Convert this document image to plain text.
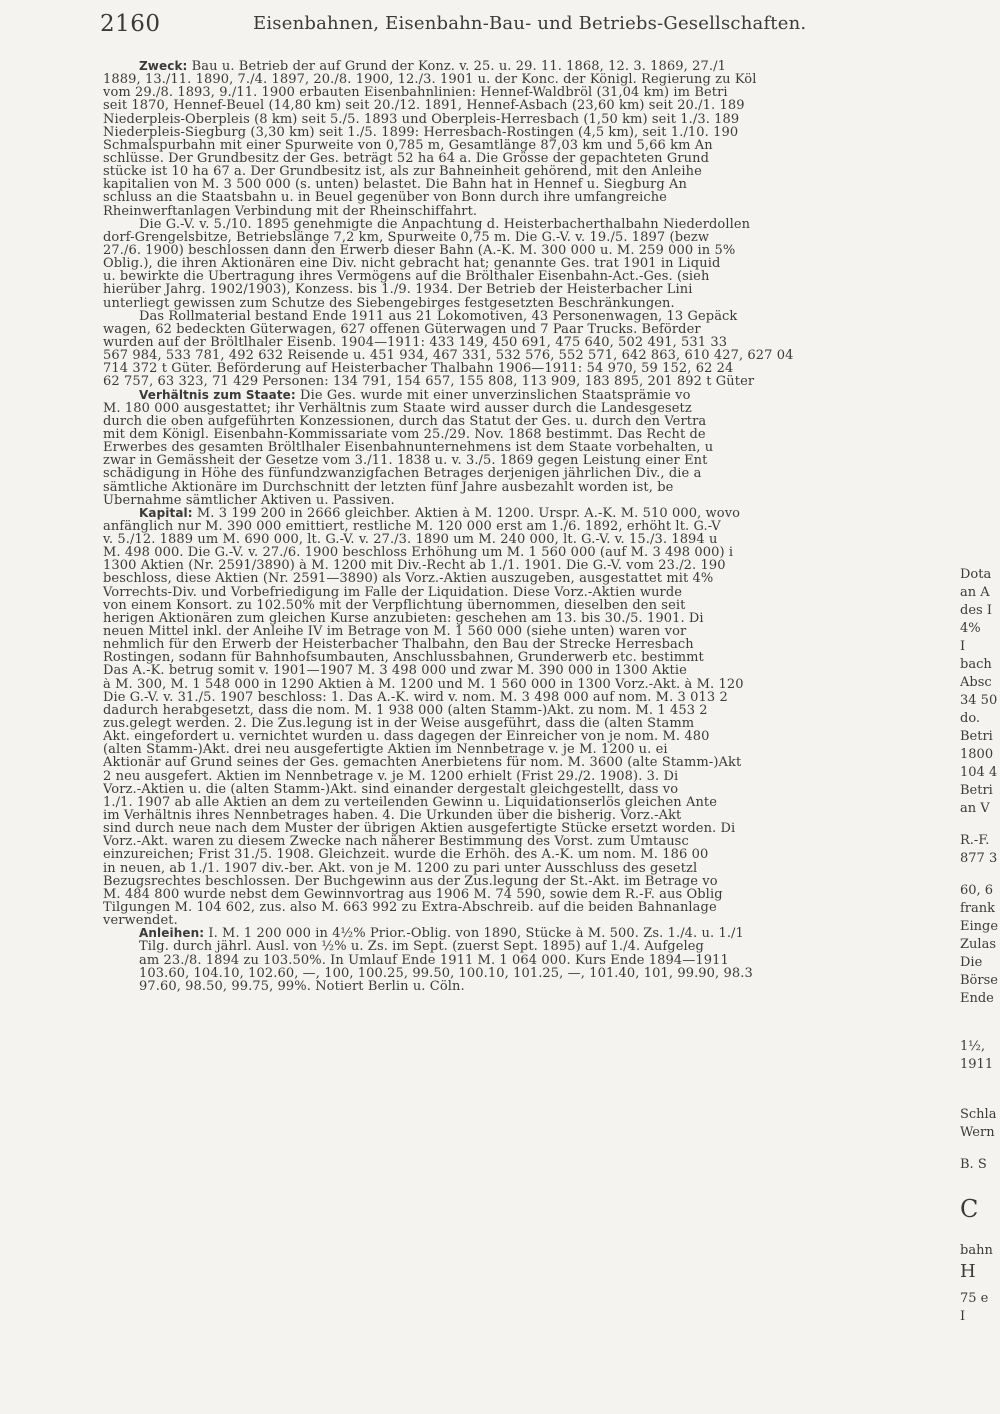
2160	Eisenbahnen, Eisenbahn-Bau- und Betriebs-Gesellschaften.
Zweck: Bau u. Betrieb der auf Grund der Konz. v. 25. u. 29. 11. 1868, 12. 3. 1869, 27./1
1889, 13./11. 1890, 7./4. 1897, 20./8. 1900, 12./3. 1901 u. der Konc. der Königl. Regierung zu Köl
vom 29./8. 1893, 9./11. 1900 erbauten Eisenbahnlinien: Hennef-Waldbröl (31,04 km) im Betri
seit 1870, Hennef-Beuel (14,80 km) seit 20./12. 1891, Hennef-Asbach (23,60 km) seit 20./1. 189
Niederpleis-Oberpleis (8 km) seit 5./5. 1893 und Oberpleis-Herresbach (1,50 km) seit 1./3. 189
Niederpleis-Siegburg (3,30 km) seit 1./5. 1899: Herresbach-Rostingen (4,5 km), seit 1./10. 190
Schmalspurbahn mit einer Spurweite von 0,785 m, Gesamtlänge 87,03 km und 5,66 km An
schlüsse. Der Grundbesitz der Ges. beträgt 52 ha 64 a. Die Grösse der gepachteten Grund
stücke ist 10 ha 67 a. Der Grundbesitz ist, als zur Bahneinheit gehörend, mit den Anleihe
kapitalien von M. 3 500 000 (s. unten) belastet. Die Bahn hat in Hennef u. Siegburg An
schluss an die Staatsbahn u. in Beuel gegenüber von Bonn durch ihre umfangreiche
Rheinwerftanlagen Verbindung mit der Rheinschiffahrt.
Die G.-V. v. 5./10. 1895 genehmigte die Anpachtung d. Heisterbacherthalbahn Niederdollen
dorf-Grengelsbitze, Betriebslänge 7,2 km, Spurweite 0,75 m. Die G.-V. v. 19./5. 1897 (bezw
27./6. 1900) beschlossen dann den Erwerb dieser Bahn (A.-K. M. 300 000 u. M. 259 000 in 5%
Oblig.), die ihren Aktionären eine Div. nicht gebracht hat; genannte Ges. trat 1901 in Liquid
u. bewirkte die Übertragung ihres Vermögens auf die Brölthaler Eisenbahn-Act.-Ges. (sieh
hierüber Jahrg. 1902/1903), Konzess. bis 1./9. 1934. Der Betrieb der Heisterbacher Lini
unterliegt gewissen zum Schutze des Siebengebirges festgesetzten Beschränkungen.
Das Rollmaterial bestand Ende 1911 aus 21 Lokomotiven, 43 Personenwagen, 13 Gepäck
wagen, 62 bedeckten Güterwagen, 627 offenen Güterwagen und 7 Paar Trucks. Beförder
wurden auf der Bröltlhaler Eisenb. 1904—1911: 433 149, 450 691, 475 640, 502 491, 531 33
567 984, 533 781, 492 632 Reisende u. 451 934, 467 331, 532 576, 552 571, 642 863, 610 427, 627 04
714 372 t Güter. Beförderung auf Heisterbacher Thalbahn 1906—1911: 54 970, 59 152, 62 24
62 757, 63 323, 71 429 Personen: 134 791, 154 657, 155 808, 113 909, 183 895, 201 892 t Güter
Verhältnis zum Staate: Die Ges. wurde mit einer unverzinslichen Staatsprämie vo
M. 180 000 ausgestattet; ihr Verhältnis zum Staate wird ausser durch die Landesgesetz
durch die oben aufgeführten Konzessionen, durch das Statut der Ges. u. durch den Vertra
mit dem Königl. Eisenbahn-Kommissariate vom 25./29. Nov. 1868 bestimmt. Das Recht de
Erwerbes des gesamten Bröltlhaler Eisenbahnunternehmens ist dem Staate vorbehalten, u
zwar in Gemässheit der Gesetze vom 3./11. 1838 u. v. 3./5. 1869 gegen Leistung einer Ent
schädigung in Höhe des fünfundzwanzigfachen Betrages derjenigen jährlichen Div., die a
sämtliche Aktionäre im Durchschnitt der letzten fünf Jahre ausbezahlt worden ist, be
Übernahme sämtlicher Aktiven u. Passiven.
Kapital: M. 3 199 200 in 2666 gleichber. Aktien à M. 1200. Urspr. A.-K. M. 510 000, wovo
anfänglich nur M. 390 000 emittiert, restliche M. 120 000 erst am 1./6. 1892, erhöht lt. G.-V
v. 5./12. 1889 um M. 690 000, lt. G.-V. v. 27./3. 1890 um M. 240 000, lt. G.-V. v. 15./3. 1894 u
M. 498 000. Die G.-V. v. 27./6. 1900 beschloss Erhöhung um M. 1 560 000 (auf M. 3 498 000) i
1300 Aktien (Nr. 2591/3890) à M. 1200 mit Div.-Recht ab 1./1. 1901. Die G.-V. vom 23./2. 190
beschloss, diese Aktien (Nr. 2591—3890) als Vorz.-Aktien auszugeben, ausgestattet mit 4%
Vorrechts-Div. und Vorbefriedigung im Falle der Liquidation. Diese Vorz.-Aktien wurde
von einem Konsort. zu 102.50% mit der Verpflichtung übernommen, dieselben den seit
herigen Aktionären zum gleichen Kurse anzubieten: geschehen am 13. bis 30./5. 1901. Di
neuen Mittel inkl. der Anleihe IV im Betrage von M. 1 560 000 (siehe unten) waren vor
nehmlich für den Erwerb der Heisterbacher Thalbahn, den Bau der Strecke Herresbach
Rostingen, sodann für Bahnhofsumbauten, Anschlussbahnen, Grunderwerb etc. bestimmt
Das A.-K. betrug somit v. 1901—1907 M. 3 498 000 und zwar M. 390 000 in 1300 Aktie
à M. 300, M. 1 548 000 in 1290 Aktien à M. 1200 und M. 1 560 000 in 1300 Vorz.-Akt. à M. 120
Die G.-V. v. 31./5. 1907 beschloss: 1. Das A.-K. wird v. nom. M. 3 498 000 auf nom. M. 3 013 2
dadurch herabgesetzt, dass die nom. M. 1 938 000 (alten Stamm-)Akt. zu nom. M. 1 453 2
zus.gelegt werden. 2. Die Zus.legung ist in der Weise ausgeführt, dass die (alten Stamm
Akt. eingefordert u. vernichtet wurden u. dass dagegen der Einreicher von je nom. M. 480
(alten Stamm-)Akt. drei neu ausgefertigte Aktien im Nennbetrage v. je M. 1200 u. ei
Aktionär auf Grund seines der Ges. gemachten Anerbietens für nom. M. 3600 (alte Stamm-)Akt
2 neu ausgefert. Aktien im Nennbetrage v. je M. 1200 erhielt (Frist 29./2. 1908). 3. Di
Vorz.-Aktien u. die (alten Stamm-)Akt. sind einander dergestalt gleichgestellt, dass vo
1./1. 1907 ab alle Aktien an dem zu verteilenden Gewinn u. Liquidationserlös gleichen Ante
im Verhältnis ihres Nennbetrages haben. 4. Die Urkunden über die bisherig. Vorz.-Akt
sind durch neue nach dem Muster der übrigen Aktien ausgefertigte Stücke ersetzt worden. Di
Vorz.-Akt. waren zu diesem Zwecke nach näherer Bestimmung des Vorst. zum Umtausc
einzureichen; Frist 31./5. 1908. Gleichzeit. wurde die Erhöh. des A.-K. um nom. M. 186 00
in neuen, ab 1./1. 1907 div.-ber. Akt. von je M. 1200 zu pari unter Ausschluss des gesetzl
Bezugsrechtes beschlossen. Der Buchgewinn aus der Zus.legung der St.-Akt. im Betrage vo
M. 484 800 wurde nebst dem Gewinnvortrag aus 1906 M. 74 590, sowie dem R.-F. aus Oblig
Tilgungen M. 104 602, zus. also M. 663 992 zu Extra-Abschreib. auf die beiden Bahnanlage
verwendet.
Anleihen: I. M. 1 200 000 in 4½% Prior.-Oblig. von 1890, Stücke à M. 500. Zs. 1./4. u. 1./1
Tilg. durch jährl. Ausl. von ½% u. Zs. im Sept. (zuerst Sept. 1895) auf 1./4. Aufgeleg
am 23./8. 1894 zu 103.50%. In Umlauf Ende 1911 M. 1 064 000. Kurs Ende 1894—1911
103.60, 104.10, 102.60, —, 100, 100.25, 99.50, 100.10, 101.25, —, 101.40, 101, 99.90, 98.3
97.60, 98.50, 99.75, 99%. Notiert Berlin u. Cöln.
Dota
an A
des I
4%
I
bach
Absc
34 50
do.
Betri
1800
104 4
Betri
an V
R.-F.
877 3
60, 6
frank
Einge
Zulas
Die
Börse
Ende
1½,
1911
Schla
Wern
B. S
C
bahn
H
75 e
I
